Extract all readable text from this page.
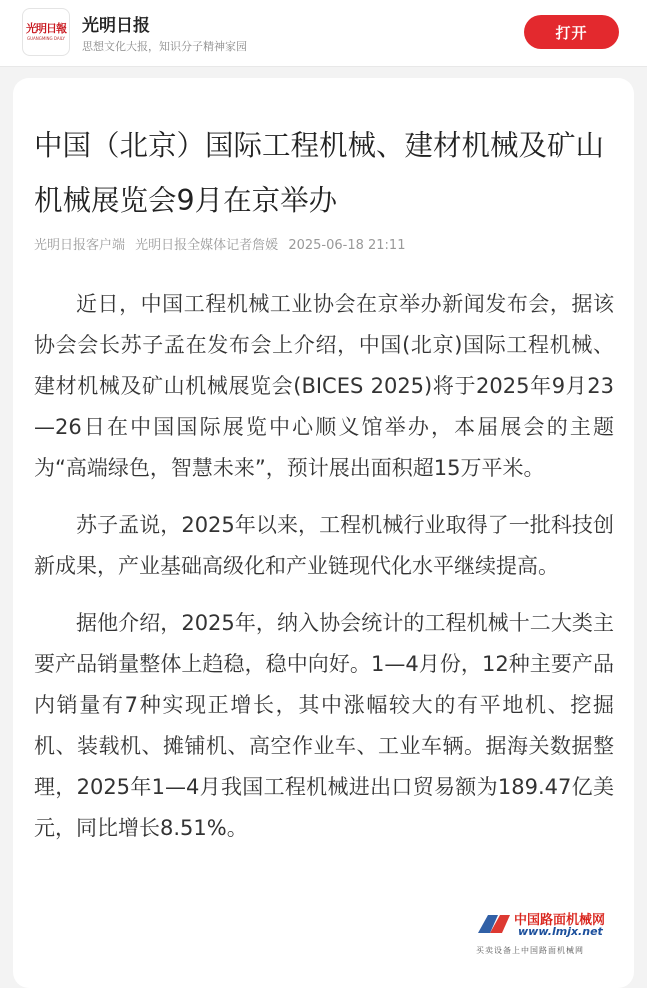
光明日報
GUANGMING DAILY
光明日报
思想文化大报，知识分子精神家园
打开
中国（北京）国际工程机械、建材机械及矿山机械展览会9月在京举办
光明日报客户端 光明日报全媒体记者詹媛 2025-06-18 21:11

近日，中国工程机械工业协会在京举办新闻发布会，据该协会会长苏子孟在发布会上介绍，中国(北京)国际工程机械、建材机械及矿山机械展览会(BICES 2025)将于2025年9月23—26日在中国国际展览中心顺义馆举办，本届展会的主题为“高端绿色，智慧未来”，预计展出面积超15万平米。

苏子孟说，2025年以来，工程机械行业取得了一批科技创新成果，产业基础高级化和产业链现代化水平继续提高。

据他介绍，2025年，纳入协会统计的工程机械十二大类主要产品销量整体上趋稳，稳中向好。1—4月份，12种主要产品内销量有7种实现正增长，其中涨幅较大的有平地机、挖掘机、装载机、摊铺机、高空作业车、工业车辆。据海关数据整理，2025年1—4月我国工程机械进出口贸易额为189.47亿美元，同比增长8.51%。

中国路面机械网
www.lmjx.net
买卖设备上中国路面机械网
